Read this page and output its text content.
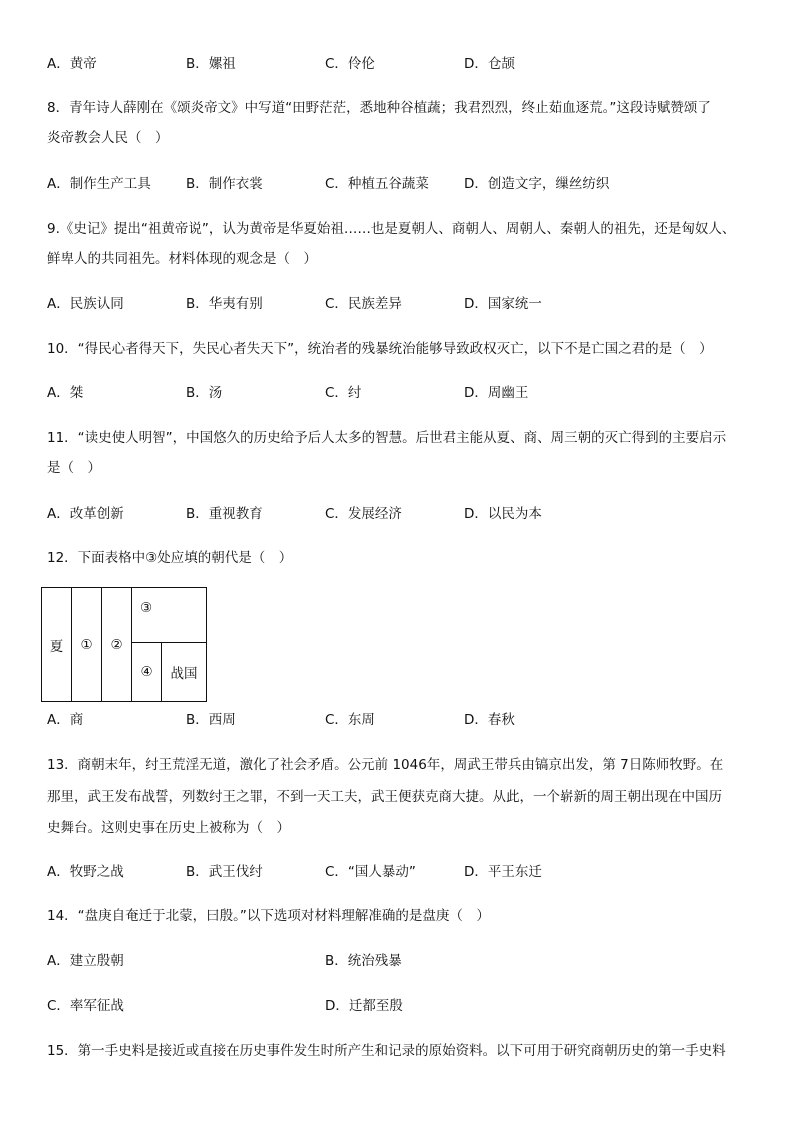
A．黄帝	B．嫘祖	C．伶伦	D．仓颉
8．青年诗人薛刚在《颂炎帝文》中写道“田野茫茫，悉地种谷植蔬；我君烈烈，终止茹血逐荒。”这段诗赋赞颂了
炎帝教会人民（　）
A．制作生产工具	B．制作衣裳	C．种植五谷蔬菜	D．创造文字，缫丝纺织
9.《史记》提出“祖黄帝说”，认为黄帝是华夏始祖……也是夏朝人、商朝人、周朝人、秦朝人的祖先，还是匈奴人、
鲜卑人的共同祖先。材料体现的观念是（　）
A．民族认同	B．华夷有别	C．民族差异	D．国家统一
10．“得民心者得天下，失民心者失天下”，统治者的残暴统治能够导致政权灭亡，以下不是亡国之君的是（　）
A．桀	B．汤	C．纣	D．周幽王
11．“读史使人明智”，中国悠久的历史给予后人太多的智慧。后世君主能从夏、商、周三朝的灭亡得到的主要启示
是（　）
A．改革创新	B．重视教育	C．发展经济	D．以民为本
12．下面表格中③处应填的朝代是（　）
夏	①	②	③	
			④	战国
A．商	B．西周	C．东周	D．春秋
13．商朝末年，纣王荒淫无道，激化了社会矛盾。公元前 1046年，周武王带兵由镐京出发，第 7日陈师牧野。在
那里，武王发布战誓，列数纣王之罪，不到一天工夫，武王便获克商大捷。从此，一个崭新的周王朝出现在中国历
史舞台。这则史事在历史上被称为（　）
A．牧野之战	B．武王伐纣	C．“国人暴动”	D．平王东迁
14．“盘庚自奄迁于北蒙，曰殷。”以下选项对材料理解准确的是盘庚（　）
A．建立殷朝	B．统治残暴
C．率军征战	D．迁都至殷
15．第一手史料是接近或直接在历史事件发生时所产生和记录的原始资料。以下可用于研究商朝历史的第一手史料
